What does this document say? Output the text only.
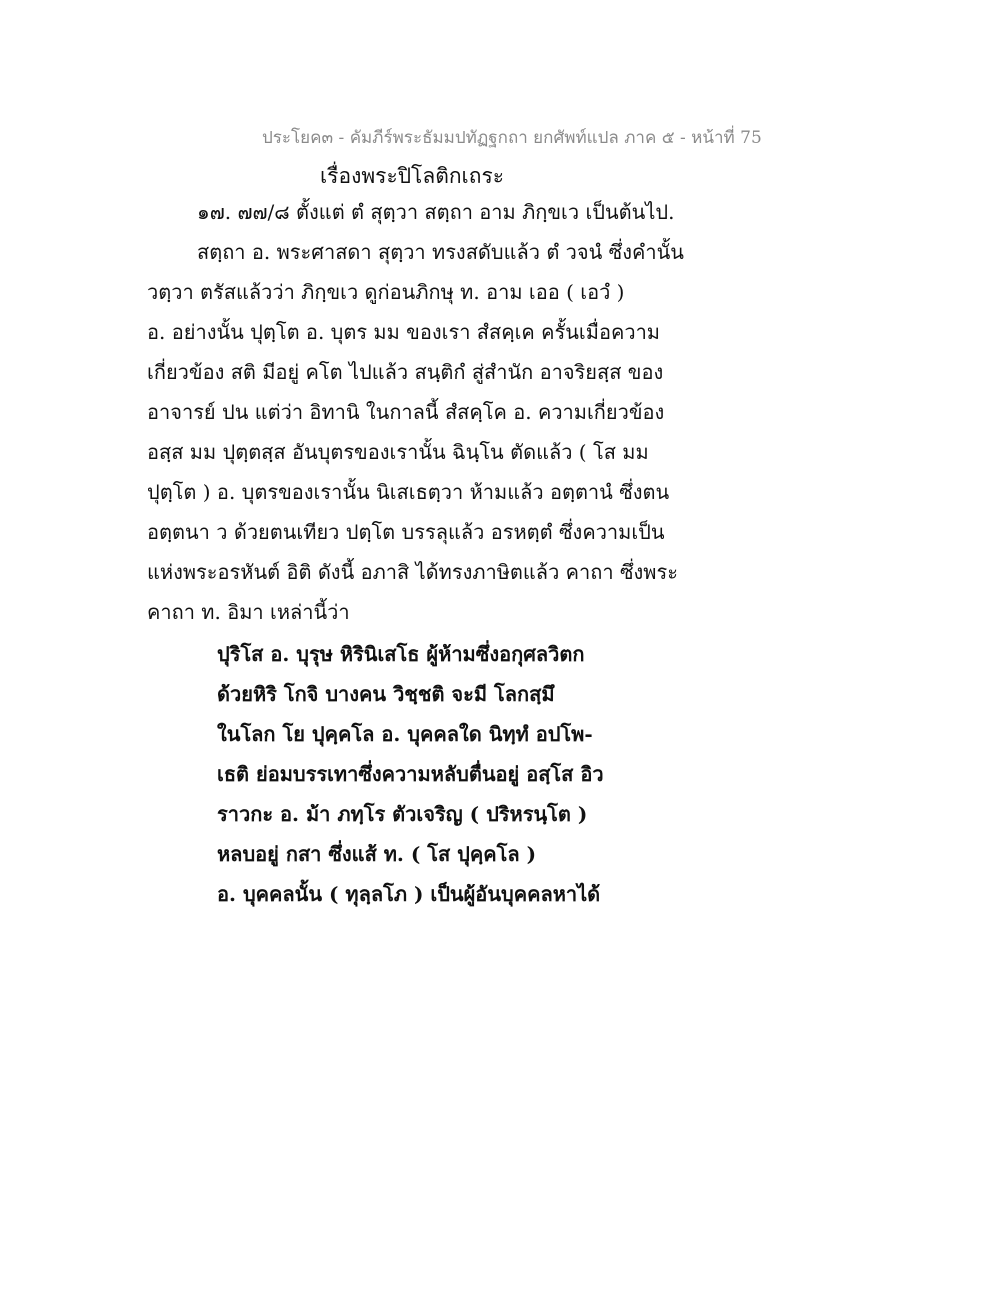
ประโยค๓ - คัมภีร์พระธัมมปทัฏฐกถา ยกศัพท์แปล ภาค ๕ - หน้าที่ 75
เรื่องพระปิโลติกเถระ
๑๗. ๗๗/๘ ตั้งแต่ ตํ สุตฺวา สตฺถา อาม ภิกฺขเว เป็นต้นไป.
สตฺถา อ. พระศาสดา สุตฺวา ทรงสดับแล้ว ตํ วจนํ ซึ่งคำนั้น
วตฺวา ตรัสแล้วว่า ภิกฺขเว ดูก่อนภิกษุ ท. อาม เออ ( เอวํ )
อ. อย่างนั้น ปุตฺโต อ. บุตร มม ของเรา สํสคฺเค ครั้นเมื่อความ
เกี่ยวข้อง สติ มีอยู่ คโต ไปแล้ว สนฺติกํ สู่สำนัก อาจริยสฺส ของ
อาจารย์ ปน แต่ว่า อิทานิ ในกาลนี้ สํสคฺโค อ. ความเกี่ยวข้อง
อสฺส มม ปุตฺตสฺส อันบุตรของเรานั้น ฉินฺโน ตัดแล้ว ( โส มม
ปุตฺโต ) อ. บุตรของเรานั้น นิเสเธตฺวา ห้ามแล้ว อตฺตานํ ซึ่งตน
อตฺตนา ว ด้วยตนเทียว ปตฺโต บรรลุแล้ว อรหตฺตํ ซึ่งความเป็น
แห่งพระอรหันต์ อิติ ดังนี้ อภาสิ ได้ทรงภาษิตแล้ว คาถา ซึ่งพระ
คาถา ท. อิมา เหล่านี้ว่า
ปุริโส อ. บุรุษ หิรินิเสโธ ผู้ห้ามซึ่งอกุศลวิตก
ด้วยหิริ โกจิ บางคน วิชฺชติ จะมี โลกสฺมึ
ในโลก โย ปุคฺคโล อ. บุคคลใด นิทฺทํ อปโพ-
เธติ ย่อมบรรเทาซึ่งความหลับตื่นอยู่ อสฺโส อิว
ราวกะ อ. ม้า ภทฺโร ตัวเจริญ ( ปริหรนฺโต )
หลบอยู่ กสา ซึ่งแส้ ท. ( โส ปุคฺคโล )
อ. บุคคลนั้น ( ทุลฺลโภ ) เป็นผู้อันบุคคลหาได้
